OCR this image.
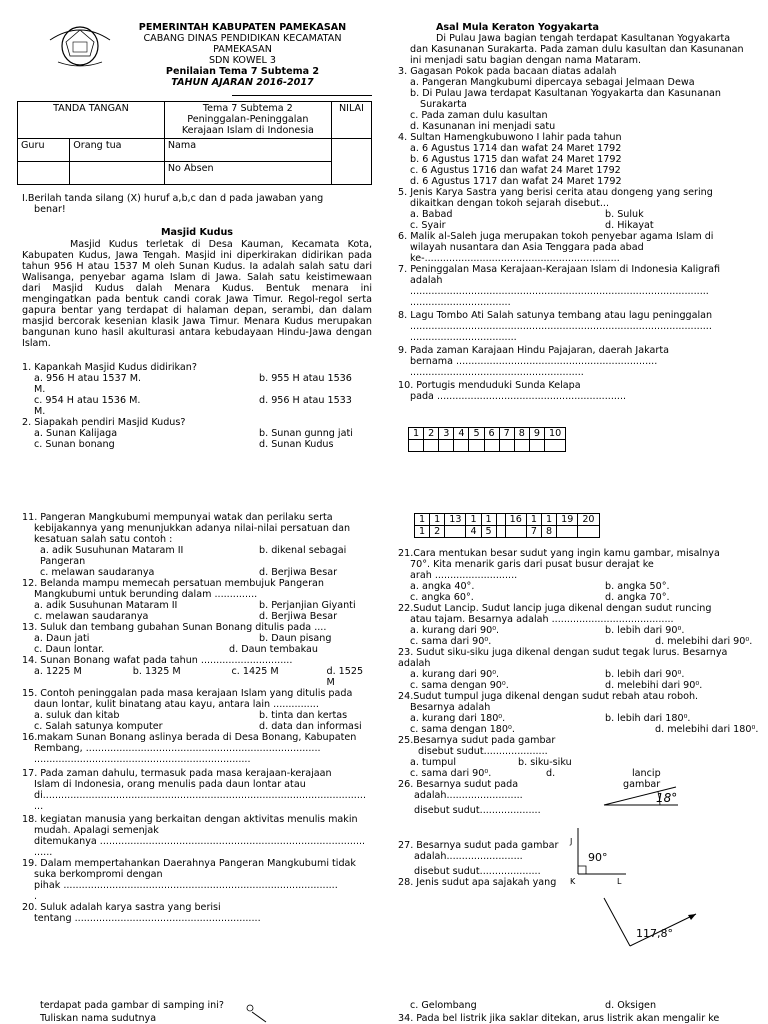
PEMERINTAH KABUPATEN PAMEKASAN
CABANG DINAS PENDIDIKAN KECAMATAN
PAMEKASAN
SDN KOWEL 3
Penilaian Tema 7 Subtema 2
TAHUN AJARAN 2016-2017
TANDA TANGAN		Tema 7 Subtema 2
Peninggalan-Peninggalan
Kerajaan Islam di Indonesia	NILAI
Guru	Orang tua	Nama	
		No Absen	
I.Berilah tanda silang (X) huruf a,b,c dan d pada jawaban yang
benar!
Masjid Kudus

Masjid Kudus terletak di Desa Kauman, Kecamata Kota, Kabupaten Kudus, Jawa Tengah. Masjid ini diperkirakan didirikan pada tahun 956 H atau 1537 M oleh Sunan Kudus. Ia adalah salah satu dari Walisanga, penyebar agama Islam di Jawa. Salah satu keistimewaan dari Masjid Kudus dalah Menara Kudus. Bentuk menara ini mengingatkan pada bentuk candi corak Jawa Timur. Regol-regol serta gapura bentar yang terdapat di halaman depan, serambi, dan dalam masjid bercorak kesenian klasik Jawa Timur. Menara Kudus merupakan bangunan kuno hasil akulturasi antara kebudayaan Hindu-Jawa dengan Islam.

1. Kapankah Masjid Kudus didirikan?
a. 956 H atau 1537 M.	b. 955 H atau 1536
M.
c. 954 H atau 1536 M.	d. 956 H atau 1533
M.
2. Siapakah pendiri Masjid Kudus?
a. Sunan Kalijaga	b. Sunan gunng jati
c. Sunan bonang	d. Sunan Kudus
Asal Mula Keraton Yogyakarta

Di Pulau Jawa bagian tengah terdapat Kasultanan Yogyakarta dan Kasunanan Surakarta. Pada zaman dulu kasultan dan Kasunanan ini menjadi satu bagian dengan nama Mataram.

3. Gagasan Pokok pada bacaan diatas adalah
a. Pangeran Mangkubumi dipercaya sebagai Jelmaan Dewa
b. Di Pulau Jawa terdapat Kasultanan Yogyakarta dan Kasunanan
Surakarta
c. Pada zaman dulu kasultan
d. Kasunanan ini menjadi satu
4. Sultan Hamengkubuwono I lahir pada tahun
a. 6 Agustus 1714 dan wafat 24 Maret 1792
b. 6 Agustus 1715 dan wafat 24 Maret 1792
c. 6 Agustus 1716 dan wafat 24 Maret 1792
d. 6 Agustus 1717 dan wafat 24 Maret 1792
5. Jenis Karya Sastra yang berisi cerita atau dongeng yang sering
dikaitkan dengan tokoh sejarah disebut...
a. Babad	b. Suluk
c. Syair	d. Hikayat
6. Malik al-Saleh juga merupakan tokoh penyebar agama Islam di
wilayah nusantara dan Asia Tenggara pada abad
ke-................................................................
7. Peninggalan Masa Kerajaan-Kerajaan Islam di Indonesia Kaligrafi
adalah
..................................................................................................
.................................
8. Lagu Tombo Ati Salah satunya tembang atau lagu peninggalan
...................................................................................................
...................................
9. Pada zaman Karajaan Hindu Pajajaran, daerah Jakarta
bernama ..................................................................
.........................................................
10. Portugis menduduki Sunda Kelapa
pada ..............................................................
1	2	3	4	5	6	7	8	9	10

11. Pangeran Mangkubumi mempunyai watak dan perilaku serta
kebijakannya yang menunjukkan adanya nilai-nilai persatuan dan
kesatuan salah satu contoh :
a. adik Susuhunan Mataram II	b. dikenal sebagai
Pangeran
c. melawan saudaranya	d. Berjiwa Besar
12. Belanda mampu memecah persatuan membujuk Pangeran
Mangkubumi untuk berunding dalam ..............
a. adik Susuhunan Mataram II	b. Perjanjian Giyanti
c. melawan saudaranya	d. Berjiwa Besar
13. Suluk dan tembang gubahan Sunan Bonang ditulis pada ....
a. Daun jati	b. Daun pisang
c. Daun lontar.	d. Daun tembakau
14. Sunan Bonang wafat pada tahun ..............................
a. 1225 M	b. 1325 M	c. 1425 M	d. 1525 M
15. Contoh peninggalan pada masa kerajaan Islam yang ditulis pada
daun lontar, kulit binatang atau kayu, antara lain ...............
a. suluk dan kitab	b. tinta dan kertas
c. Salah satunya komputer	d. data dan informasi
16.makam Sunan Bonang aslinya berada di Desa Bonang, Kabupaten
Rembang, .............................................................................
.......................................................................
17. Pada zaman dahulu, termasuk pada masa kerajaan-kerajaan
Islam di Indonesia, orang menulis pada daun lontar atau
di..........................................................................................................
...
18. kegiatan manusia yang berkaitan dengan aktivitas menulis makin
mudah. Apalagi semenjak
ditemukanya .......................................................................................
......
19. Dalam mempertahankan Daerahnya Pangeran Mangkubumi tidak
suka berkompromi dengan
pihak ..........................................................................................
.
20. Suluk adalah karya sastra yang berisi
tentang .............................................................
1	1	13	1	1		16	1	1	19	20
1	2		4	5			7	8		
21.Cara mentukan besar sudut yang ingin kamu gambar, misalnya
70°. Kita menarik garis dari pusat busur derajat ke
arah ...........................
a. angka 40°.	b. angka 50°.
c. angka 60°.	d. angka 70°.
22.Sudut Lancip. Sudut lancip juga dikenal dengan sudut runcing
atau tajam. Besarnya adalah ........................................
a. kurang dari 90⁰.	b. lebih dari 90⁰.
c. sama dari 90⁰.	d. melebihi dari 90⁰.
23. Sudut siku-siku juga dikenal dengan sudut tegak lurus. Besarnya
adalah
a. kurang dari 90⁰.	b. lebih dari 90⁰.
c. sama dengan 90⁰.	d. melebihi dari 90⁰.
24.Sudut tumpul juga dikenal dengan sudut rebah atau roboh.
Besarnya adalah
a. kurang dari 180⁰.	b. lebih dari 180⁰.
c. sama dengan 180⁰.	d. melebihi dari 180⁰.
25.Besarnya sudut pada gambar
disebut sudut.....................
a. tumpul	b. siku-siku
c. sama dari 90⁰.	d.	lancip
26. Besarnya sudut pada	gambar
adalah.........................
disebut sudut....................
27. Besarnya sudut pada gambar
adalah.........................
disebut sudut....................
28. Jenis sudut apa sajakah yang
18°
J
K	L
90°
117,8°
terdapat pada gambar di samping ini?
Tuliskan nama sudutnya
c. Gelombang	d. Oksigen
34. Pada bel listrik jika saklar ditekan, arus listrik akan mengalir ke
